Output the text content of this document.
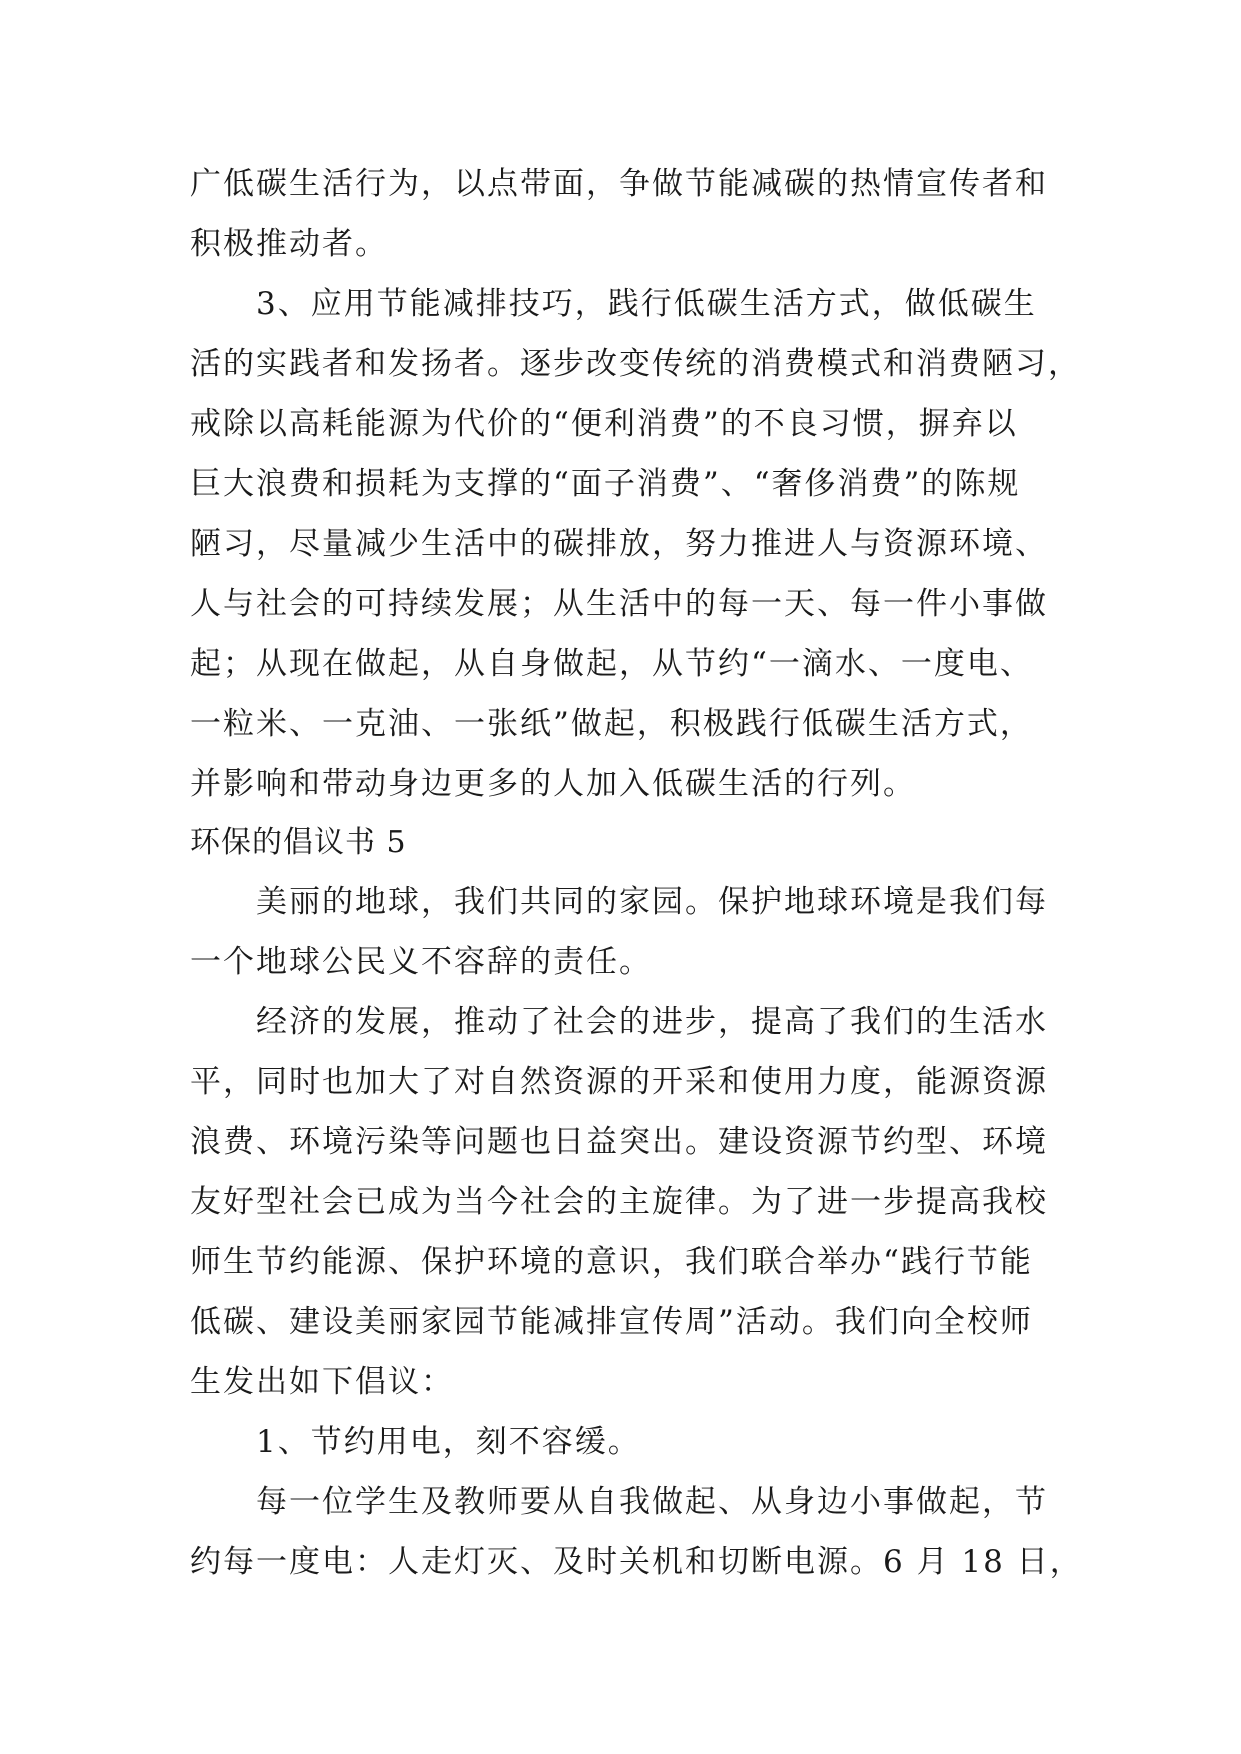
广低碳生活行为，以点带面，争做节能减碳的热情宣传者和
积极推动者。
3、应用节能减排技巧，践行低碳生活方式，做低碳生
活的实践者和发扬者。逐步改变传统的消费模式和消费陋习，
戒除以高耗能源为代价的“便利消费”的不良习惯，摒弃以
巨大浪费和损耗为支撑的“面子消费”、“奢侈消费”的陈规
陋习，尽量减少生活中的碳排放，努力推进人与资源环境、
人与社会的可持续发展；从生活中的每一天、每一件小事做
起；从现在做起，从自身做起，从节约“一滴水、一度电、
一粒米、一克油、一张纸”做起，积极践行低碳生活方式，
并影响和带动身边更多的人加入低碳生活的行列。
环保的倡议书 5
美丽的地球，我们共同的家园。保护地球环境是我们每
一个地球公民义不容辞的责任。
经济的发展，推动了社会的进步，提高了我们的生活水
平，同时也加大了对自然资源的开采和使用力度，能源资源
浪费、环境污染等问题也日益突出。建设资源节约型、环境
友好型社会已成为当今社会的主旋律。为了进一步提高我校
师生节约能源、保护环境的意识，我们联合举办“践行节能
低碳、建设美丽家园节能减排宣传周”活动。我们向全校师
生发出如下倡议：
1、节约用电，刻不容缓。
每一位学生及教师要从自我做起、从身边小事做起，节
约每一度电：人走灯灭、及时关机和切断电源。6 月 18 日，
